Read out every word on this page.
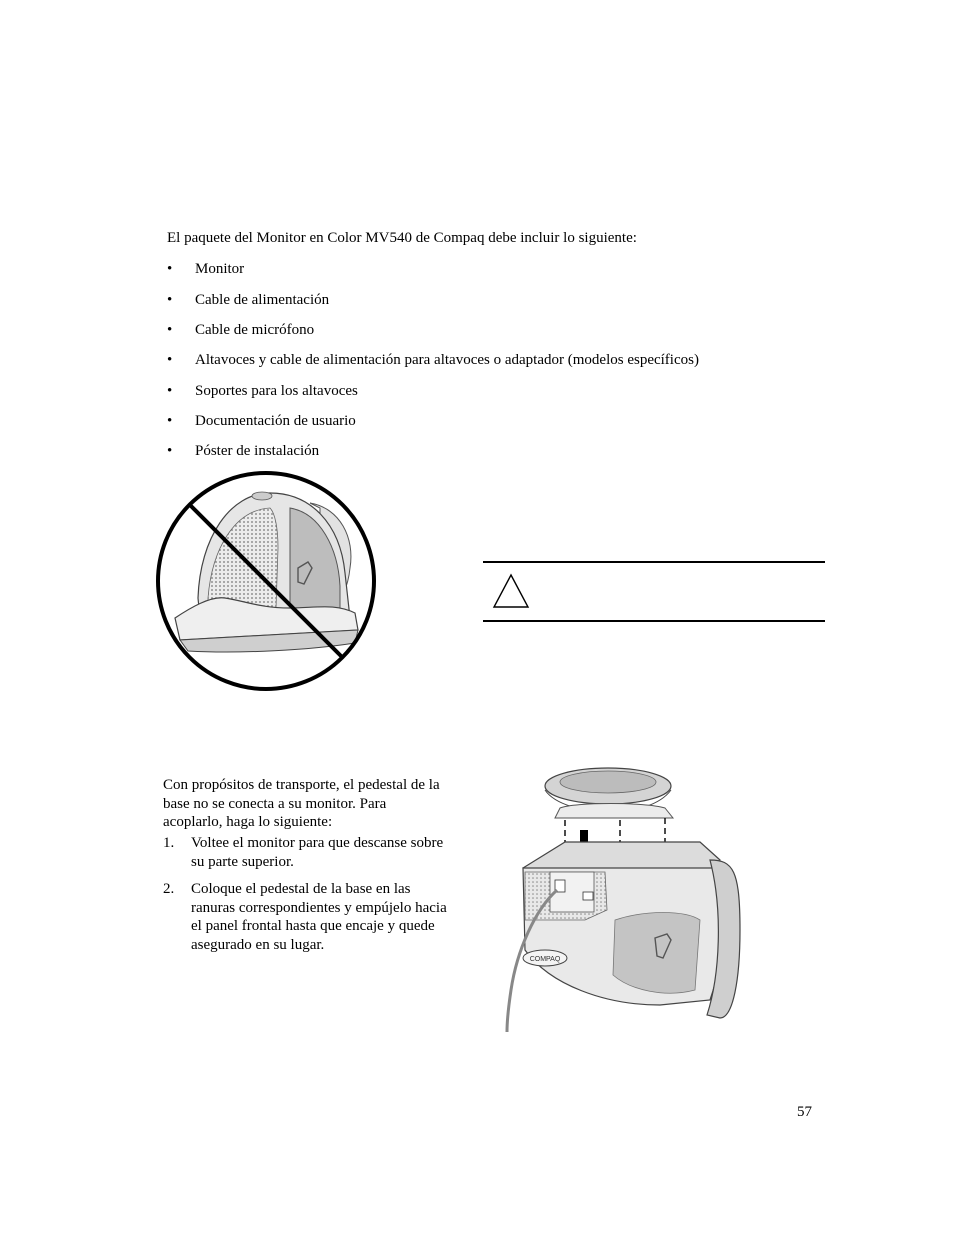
El paquete del Monitor en Color MV540 de Compaq debe incluir lo siguiente:
• Monitor
• Cable de alimentación
• Cable de micrófono
• Altavoces y cable de alimentación para altavoces o adaptador (modelos específicos)
• Soportes para los altavoces
• Documentación de usuario
• Póster de instalación
Con propósitos de transporte, el pedestal de la base no se conecta a su monitor. Para acoplarlo, haga lo siguiente:
1. Voltee el monitor para que descanse sobre su parte superior.
2. Coloque el pedestal de la base en las ranuras correspondientes y empújelo hacia el panel frontal hasta que encaje y quede asegurado en su lugar.
COMPAQ
57
